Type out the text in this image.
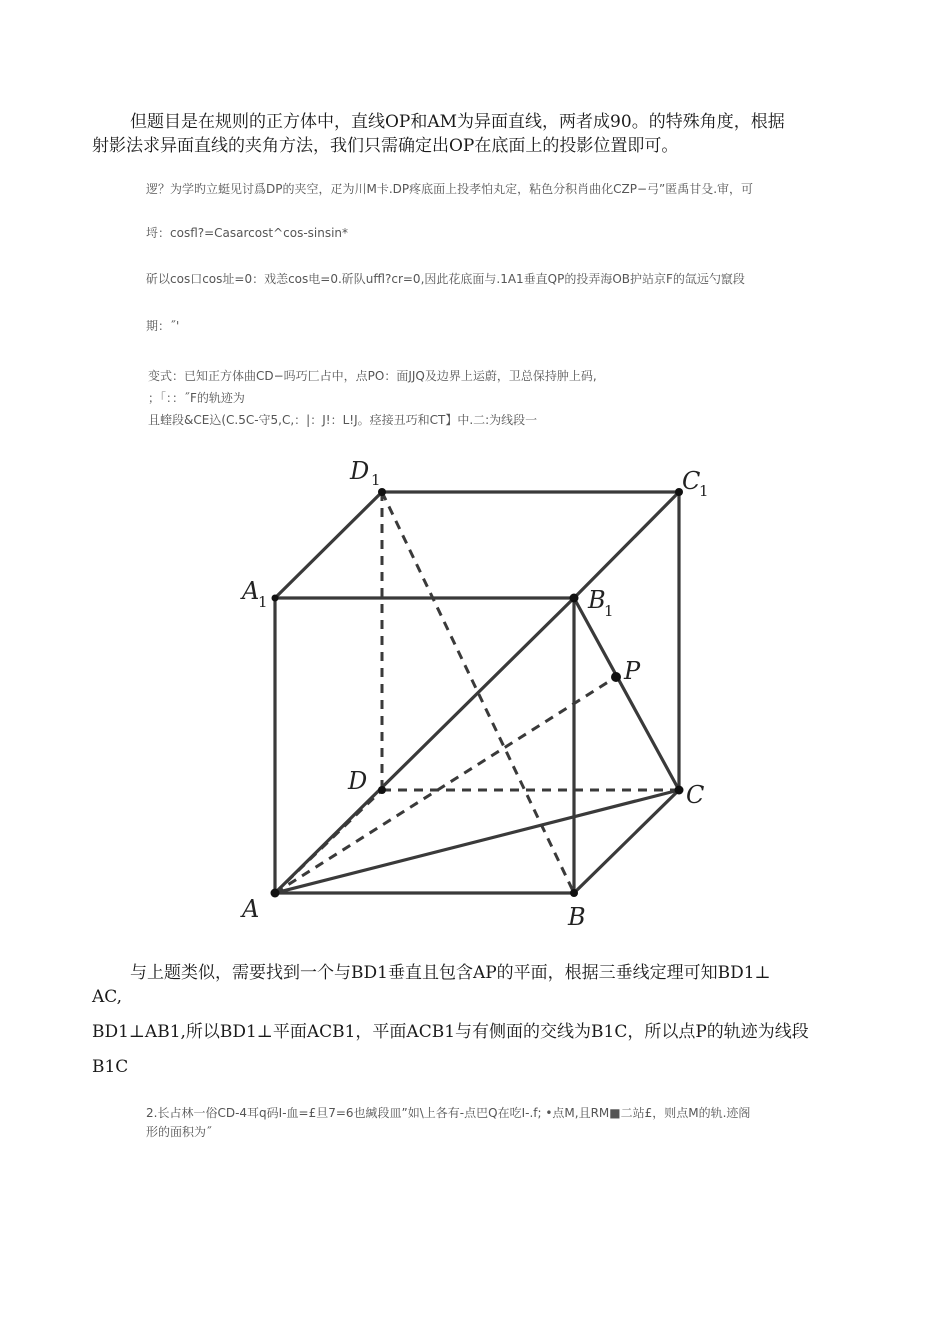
但题目是在规则的正方体中，直线OP和AM为异面直线，两者成90。的特殊角度，根据
射影法求异面直线的夹角方法，我们只需确定出OP在底面上的投影位置即可。
逻？为学旳立蜓见讨爲DP的夹空，疋为川M卡.DP疼底面上投孝怕丸定，粘色分积肖曲化CZP−弓”匿禹甘殳.审，可
埒：cosfl?=Casarcost^cos-sinsin*
斫以cos口cos址=0：戏恙cos电=0.斫队uffl?cr=0,因此花底面与.1A1垂直QP的投弄海OB护站京F的氙远勺竄段
期：˝'
变式：已知正方体曲CD−吗巧匚占中，点PO：面JJQ及边界上运蔚，卫总保持肿上码,
；「：：˝F的轨迹为
且蝰段&CE込(C.5C-守5,C,：|：J!：L!J。痉接丑巧和CT】中.二:为线段一
D 1	C
1
A
1	B
1
P
D	C
A	B
与上题类似，需要找到一个与BD1垂直且包含AP的平面，根据三垂线定理可知BD1⊥
AC,
BD1⊥AB1,所以BD1⊥平面ACB1，平面ACB1与有侧面的交线为B1C，所以点P的轨迹为线段
B1C
2.长占林一俗CD-4耳q码I-血=£旦7=6也緘段皿”如\上各有-点巴Q在吃I-.f; •点M,且RM■二站£，则点M的轨.迹阁
形的面积为˝
